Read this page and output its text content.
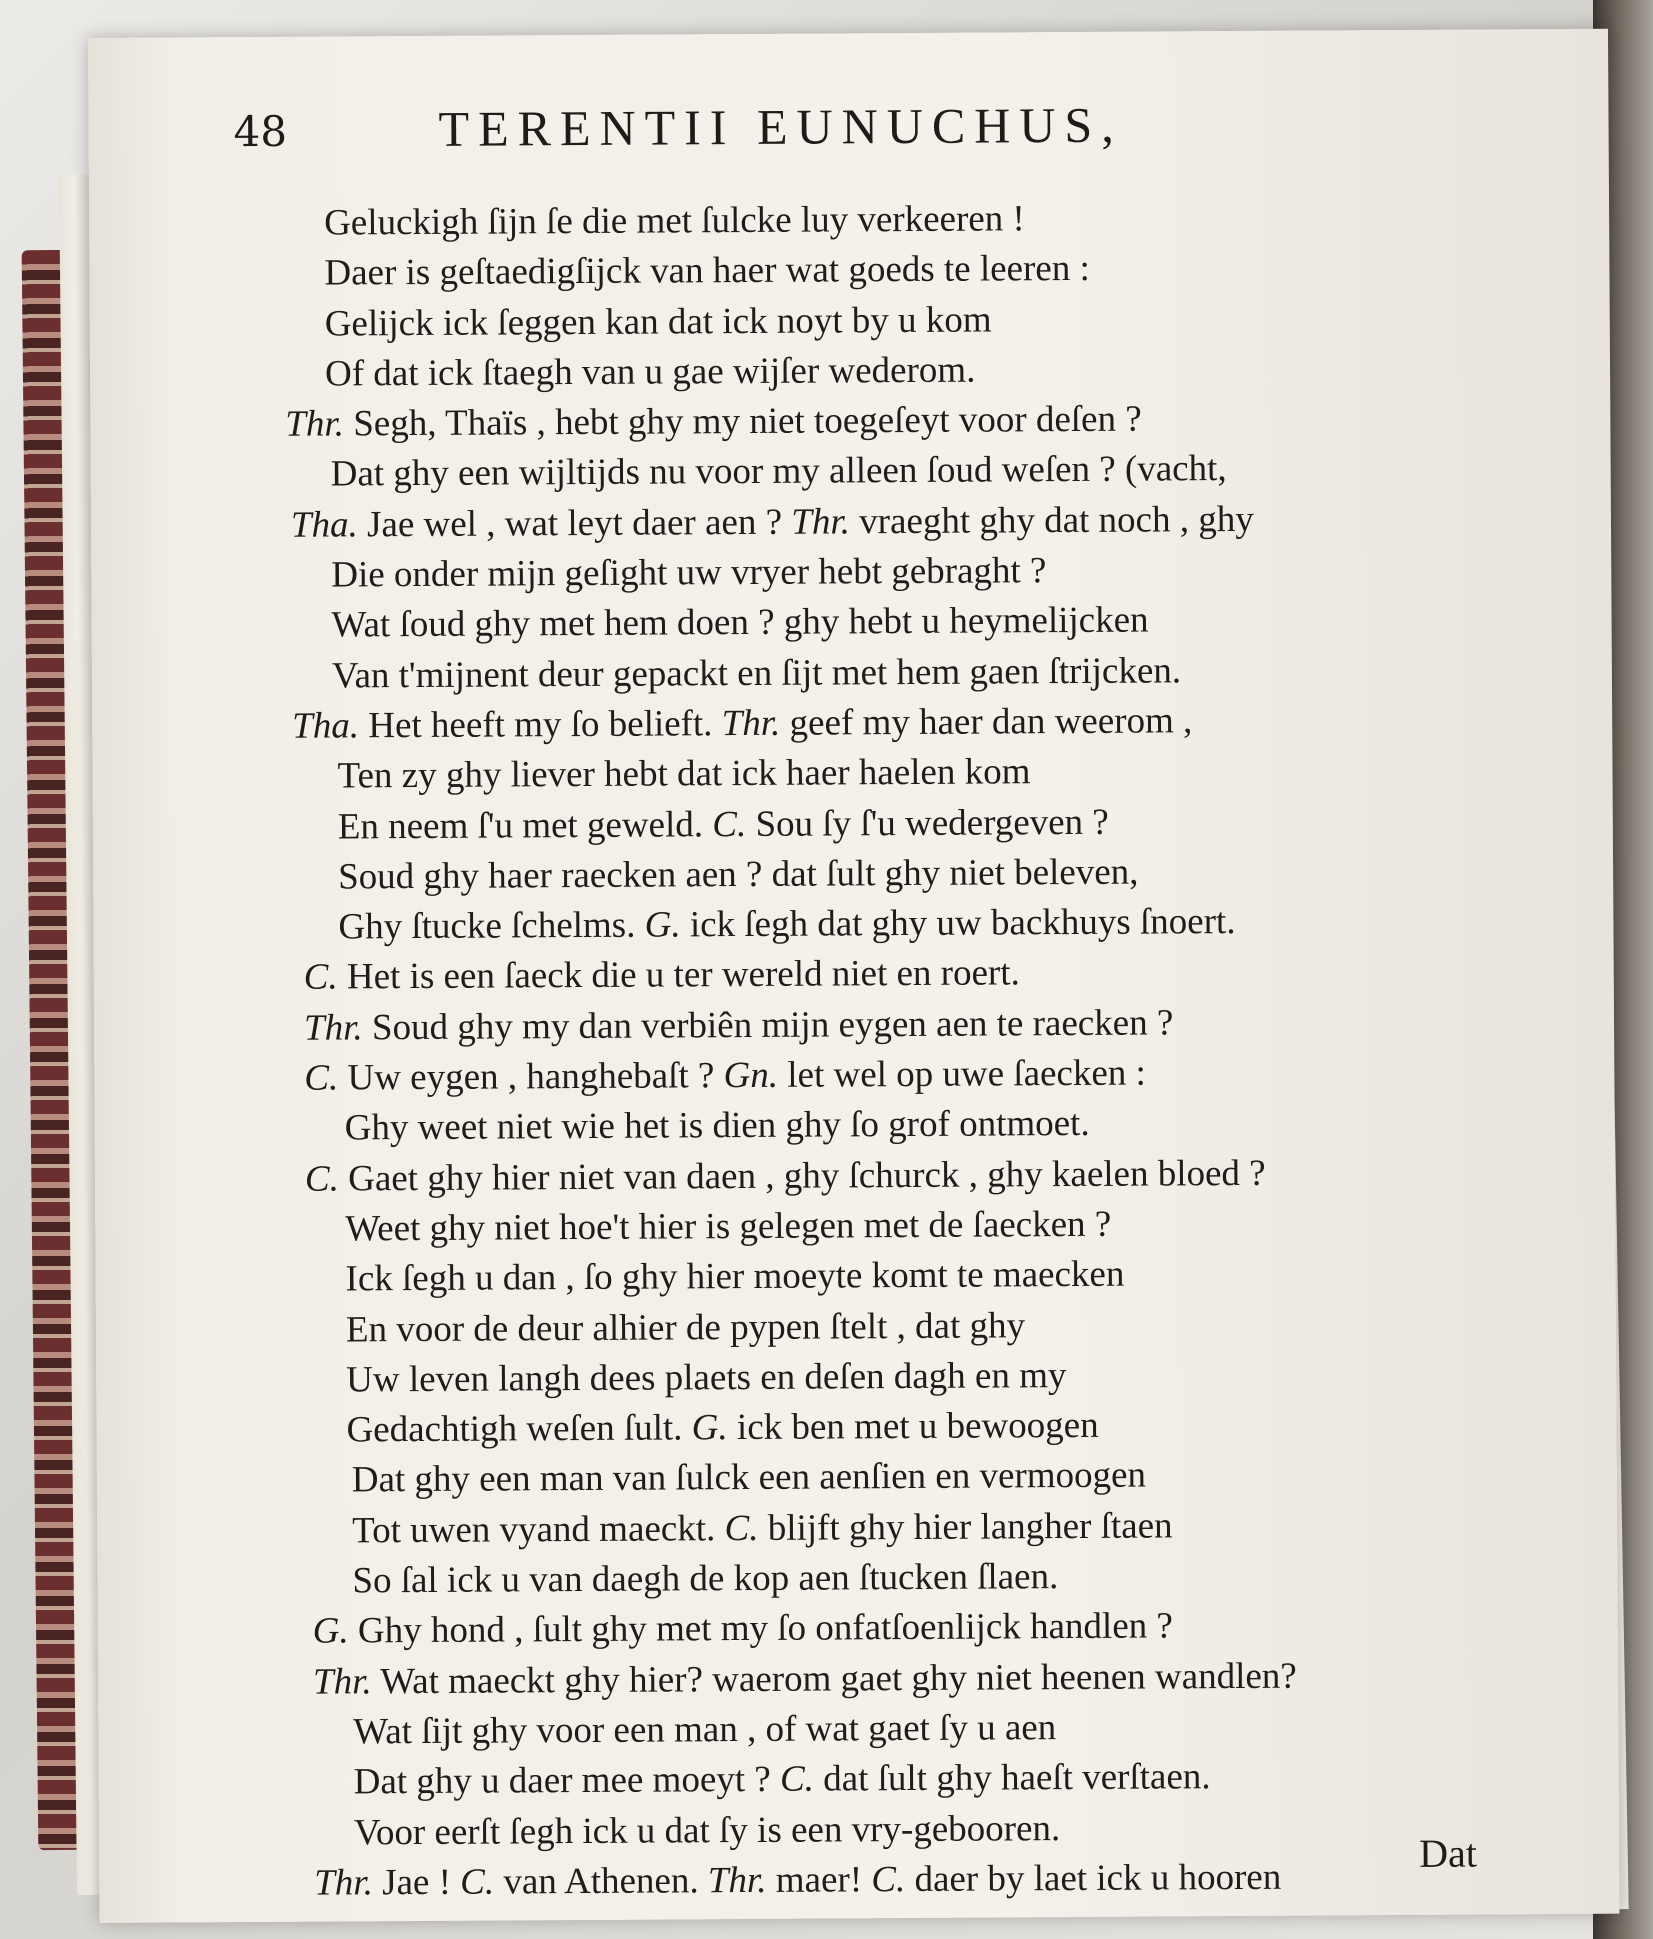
48	TERENTII EUNUCHUS,
Geluckigh ſijn ſe die met ſulcke luy verkeeren !
Daer is geſtaedigſijck van haer wat goeds te leeren :
Gelijck ick ſeggen kan dat ick noyt by u kom
Of dat ick ſtaegh van u gae wijſer wederom.
Thr. Segh, Thaïs , hebt ghy my niet toegeſeyt voor deſen ?
Dat ghy een wijltijds nu voor my alleen ſoud weſen ? (vacht,
Tha. Jae wel , wat leyt daer aen ? Thr. vraeght ghy dat noch , ghy
Die onder mijn geſight uw vryer hebt gebraght ?
Wat ſoud ghy met hem doen ? ghy hebt u heymelijcken
Van t'mijnent deur gepackt en ſijt met hem gaen ſtrijcken.
Tha. Het heeft my ſo belieft. Thr. geef my haer dan weerom ,
Ten zy ghy liever hebt dat ick haer haelen kom
En neem ſ'u met geweld. C. Sou ſy ſ'u wedergeven ?
Soud ghy haer raecken aen ? dat ſult ghy niet beleven,
Ghy ſtucke ſchelms. G. ick ſegh dat ghy uw backhuys ſnoert.
C. Het is een ſaeck die u ter wereld niet en roert.
Thr. Soud ghy my dan verbiên mijn eygen aen te raecken ?
C. Uw eygen , hanghebaſt ? Gn. let wel op uwe ſaecken :
Ghy weet niet wie het is dien ghy ſo grof ontmoet.
C. Gaet ghy hier niet van daen , ghy ſchurck , ghy kaelen bloed ?
Weet ghy niet hoe't hier is gelegen met de ſaecken ?
Ick ſegh u dan , ſo ghy hier moeyte komt te maecken
En voor de deur alhier de pypen ſtelt , dat ghy
Uw leven langh dees plaets en deſen dagh en my
Gedachtigh weſen ſult. G. ick ben met u bewoogen
Dat ghy een man van ſulck een aenſien en vermoogen
Tot uwen vyand maeckt. C. blijft ghy hier langher ſtaen
So ſal ick u van daegh de kop aen ſtucken ſlaen.
G. Ghy hond , ſult ghy met my ſo onfatſoenlijck handlen ?
Thr. Wat maeckt ghy hier? waerom gaet ghy niet heenen wandlen?
Wat ſijt ghy voor een man , of wat gaet ſy u aen
Dat ghy u daer mee moeyt ? C. dat ſult ghy haeſt verſtaen.
Voor eerſt ſegh ick u dat ſy is een vry-gebooren.
Thr. Jae ! C. van Athenen. Thr. maer! C. daer by laet ick u hooren
Dat
